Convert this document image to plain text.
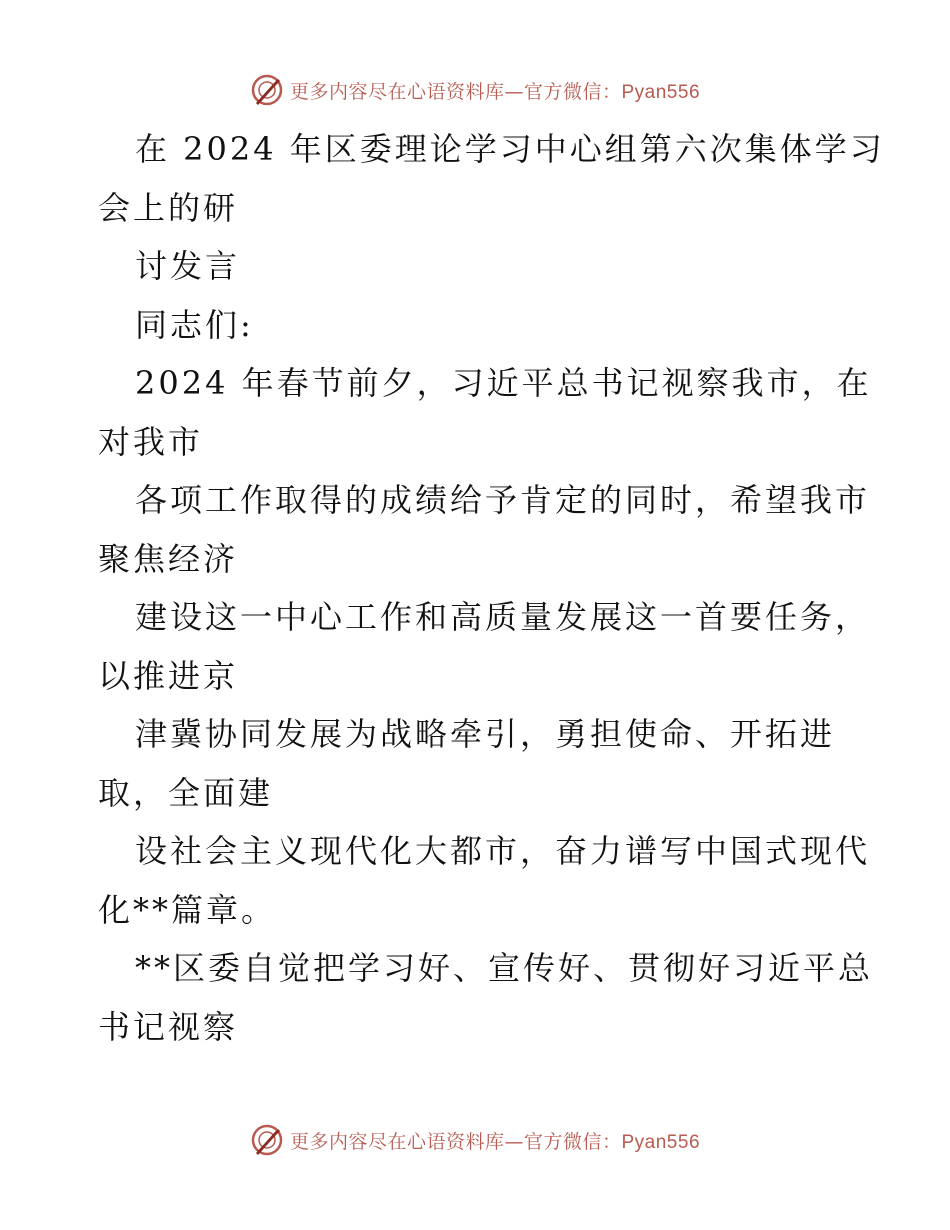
更多内容尽在心语资料库—官方微信：Pyan556
在 2024 年区委理论学习中心组第六次集体学习
会上的研
讨发言
同志们:
2024 年春节前夕，习近平总书记视察我市，在
对我市
各项工作取得的成绩给予肯定的同时，希望我市
聚焦经济
建设这一中心工作和高质量发展这一首要任务，
以推进京
津冀协同发展为战略牵引，勇担使命、开拓进
取，全面建
设社会主义现代化大都市，奋力谱写中国式现代
化**篇章。
**区委自觉把学习好、宣传好、贯彻好习近平总
书记视察
更多内容尽在心语资料库—官方微信：Pyan556
